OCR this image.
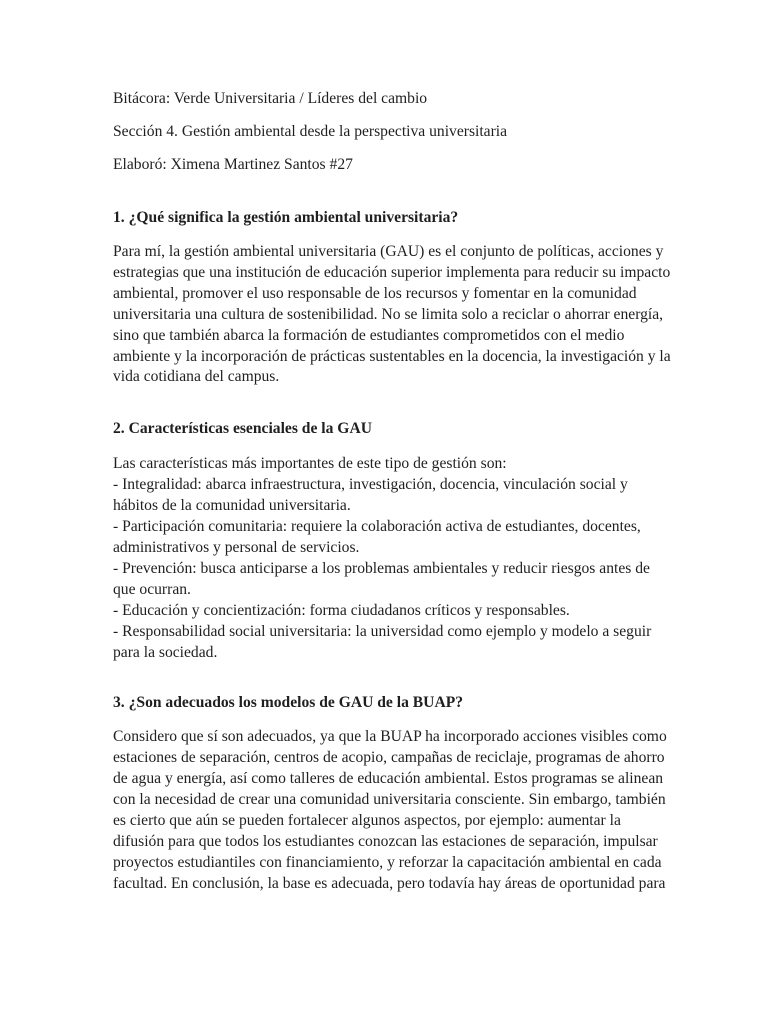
Bitácora: Verde Universitaria / Líderes del cambio
Sección 4. Gestión ambiental desde la perspectiva universitaria
Elaboró: Ximena Martinez Santos #27
1. ¿Qué significa la gestión ambiental universitaria?
Para mí, la gestión ambiental universitaria (GAU) es el conjunto de políticas, acciones y
estrategias que una institución de educación superior implementa para reducir su impacto
ambiental, promover el uso responsable de los recursos y fomentar en la comunidad
universitaria una cultura de sostenibilidad. No se limita solo a reciclar o ahorrar energía,
sino que también abarca la formación de estudiantes comprometidos con el medio
ambiente y la incorporación de prácticas sustentables en la docencia, la investigación y la
vida cotidiana del campus.
2. Características esenciales de la GAU
Las características más importantes de este tipo de gestión son:
- Integralidad: abarca infraestructura, investigación, docencia, vinculación social y
hábitos de la comunidad universitaria.
- Participación comunitaria: requiere la colaboración activa de estudiantes, docentes,
administrativos y personal de servicios.
- Prevención: busca anticiparse a los problemas ambientales y reducir riesgos antes de
que ocurran.
- Educación y concientización: forma ciudadanos críticos y responsables.
- Responsabilidad social universitaria: la universidad como ejemplo y modelo a seguir
para la sociedad.
3. ¿Son adecuados los modelos de GAU de la BUAP?
Considero que sí son adecuados, ya que la BUAP ha incorporado acciones visibles como
estaciones de separación, centros de acopio, campañas de reciclaje, programas de ahorro
de agua y energía, así como talleres de educación ambiental. Estos programas se alinean
con la necesidad de crear una comunidad universitaria consciente. Sin embargo, también
es cierto que aún se pueden fortalecer algunos aspectos, por ejemplo: aumentar la
difusión para que todos los estudiantes conozcan las estaciones de separación, impulsar
proyectos estudiantiles con financiamiento, y reforzar la capacitación ambiental en cada
facultad. En conclusión, la base es adecuada, pero todavía hay áreas de oportunidad para
